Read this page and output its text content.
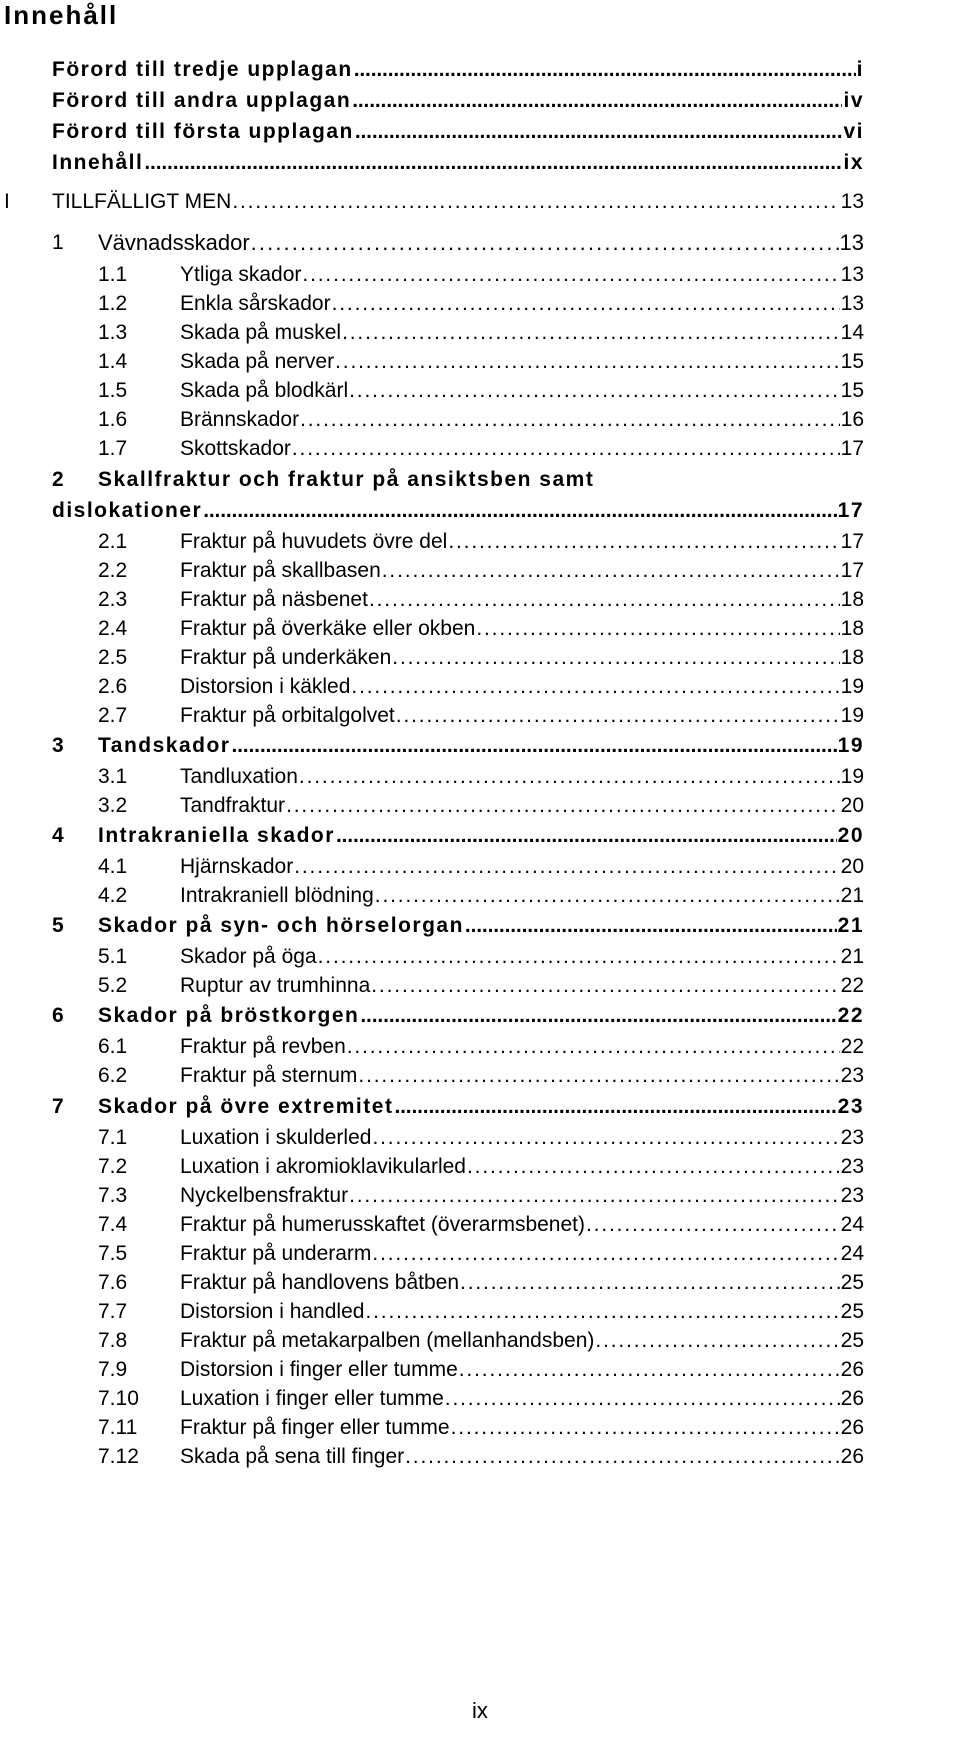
Innehåll
Förord till tredje upplagan . . .	i
Förord till andra upplagan . . .	iv
Förord till första upplagan . . .	vi
Innehåll . . .	ix
I TILLFÄLLIGT MEN . . .	13
1 Vävnadsskador . . .	13
1.1	Ytliga skador . . .	13
1.2	Enkla sårskador . . .	13
1.3	Skada på muskel . . .	14
1.4	Skada på nerver . . .	15
1.5	Skada på blodkärl . . .	15
1.6	Brännskador . . .	16
1.7	Skottskador . . .	17
2 Skallfraktur och fraktur på ansiktsben samt
dislokationer . . .	17
2.1	Fraktur på huvudets övre del . . .	17
2.2	Fraktur på skallbasen . . .	17
2.3	Fraktur på näsbenet . . .	18
2.4	Fraktur på överkäke eller okben . . .	18
2.5	Fraktur på underkäken . . .	18
2.6	Distorsion i käkled . . .	19
2.7	Fraktur på orbitalgolvet . . .	19
3 Tandskador . . .	19
3.1	Tandluxation . . .	19
3.2	Tandfraktur . . .	20
4 Intrakraniella skador . . .	20
4.1	Hjärnskador . . .	20
4.2	Intrakraniell blödning . . .	21
5 Skador på syn- och hörselorgan . . .	21
5.1	Skador på öga . . .	21
5.2	Ruptur av trumhinna . . .	22
6 Skador på bröstkorgen . . .	22
6.1	Fraktur på revben . . .	22
6.2	Fraktur på sternum . . .	23
7 Skador på övre extremitet . . .	23
7.1	Luxation i skulderled . . .	23
7.2	Luxation i akromioklavikularled . . .	23
7.3	Nyckelbensfraktur . . .	23
7.4	Fraktur på humerusskaftet (överarmsbenet) . . .	24
7.5	Fraktur på underarm . . .	24
7.6	Fraktur på handlovens båtben . . .	25
7.7	Distorsion i handled . . .	25
7.8	Fraktur på metakarpalben (mellanhandsben) . . .	25
7.9	Distorsion i finger eller tumme . . .	26
7.10 Luxation i finger eller tumme . . .	26
7.11 Fraktur på finger eller tumme . . .	26
7.12 Skada på sena till finger . . .	26
ix
